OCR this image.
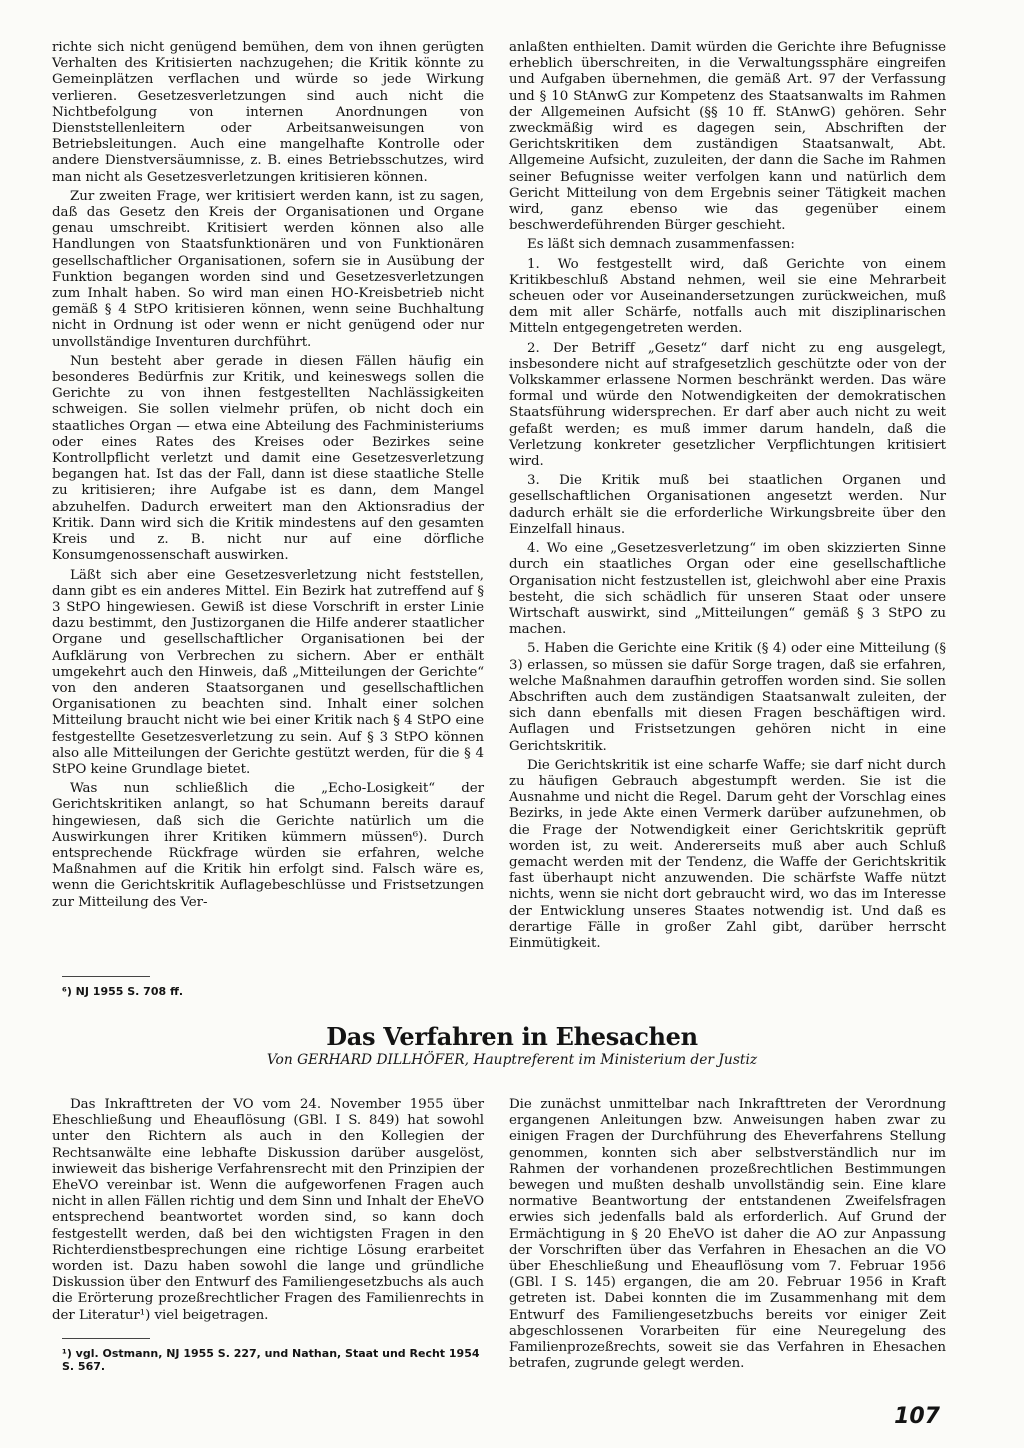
richte sich nicht genügend bemühen, dem von ihnen gerügten Verhalten des Kritisierten nachzugehen; die Kritik könnte zu Gemeinplätzen verflachen und würde so jede Wirkung verlieren. Gesetzesverletzungen sind auch nicht die Nichtbefolgung von internen Anordnungen von Dienststellenleitern oder Arbeitsanweisungen von Betriebsleitungen. Auch eine mangelhafte Kontrolle oder andere Dienstversäumnisse, z. B. eines Betriebsschutzes, wird man nicht als Gesetzesverletzungen kritisieren können.

Zur zweiten Frage, wer kritisiert werden kann, ist zu sagen, daß das Gesetz den Kreis der Organisationen und Organe genau umschreibt. Kritisiert werden können also alle Handlungen von Staatsfunktionären und von Funktionären gesellschaftlicher Organisationen, sofern sie in Ausübung der Funktion begangen worden sind und Gesetzesverletzungen zum Inhalt haben. So wird man einen HO-Kreisbetrieb nicht gemäß § 4 StPO kritisieren können, wenn seine Buchhaltung nicht in Ordnung ist oder wenn er nicht genügend oder nur unvollständige Inventuren durchführt.

Nun besteht aber gerade in diesen Fällen häufig ein besonderes Bedürfnis zur Kritik, und keineswegs sollen die Gerichte zu von ihnen festgestellten Nachlässigkeiten schweigen. Sie sollen vielmehr prüfen, ob nicht doch ein staatliches Organ — etwa eine Abteilung des Fachministeriums oder eines Rates des Kreises oder Bezirkes seine Kontrollpflicht verletzt und damit eine Gesetzesverletzung begangen hat. Ist das der Fall, dann ist diese staatliche Stelle zu kritisieren; ihre Aufgabe ist es dann, dem Mangel abzuhelfen. Dadurch erweitert man den Aktionsradius der Kritik. Dann wird sich die Kritik mindestens auf den gesamten Kreis und z. B. nicht nur auf eine dörfliche Konsumgenossenschaft auswirken.

Läßt sich aber eine Gesetzesverletzung nicht feststellen, dann gibt es ein anderes Mittel. Ein Bezirk hat zutreffend auf § 3 StPO hingewiesen. Gewiß ist diese Vorschrift in erster Linie dazu bestimmt, den Justizorganen die Hilfe anderer staatlicher Organe und gesellschaftlicher Organisationen bei der Aufklärung von Verbrechen zu sichern. Aber er enthält umgekehrt auch den Hinweis, daß „Mitteilungen der Gerichte“ von den anderen Staatsorganen und gesellschaftlichen Organisationen zu beachten sind. Inhalt einer solchen Mitteilung braucht nicht wie bei einer Kritik nach § 4 StPO eine festgestellte Gesetzesverletzung zu sein. Auf § 3 StPO können also alle Mitteilungen der Gerichte gestützt werden, für die § 4 StPO keine Grundlage bietet.

Was nun schließlich die „Echo-Losigkeit“ der Gerichtskritiken anlangt, so hat Schumann bereits darauf hingewiesen, daß sich die Gerichte natürlich um die Auswirkungen ihrer Kritiken kümmern müssen⁶). Durch entsprechende Rückfrage würden sie erfahren, welche Maßnahmen auf die Kritik hin erfolgt sind. Falsch wäre es, wenn die Gerichtskritik Auflagebeschlüsse und Fristsetzungen zur Mitteilung des Ver-

anlaßten enthielten. Damit würden die Gerichte ihre Befugnisse erheblich überschreiten, in die Verwaltungssphäre eingreifen und Aufgaben übernehmen, die gemäß Art. 97 der Verfassung und § 10 StAnwG zur Kompetenz des Staatsanwalts im Rahmen der Allgemeinen Aufsicht (§§ 10 ff. StAnwG) gehören. Sehr zweckmäßig wird es dagegen sein, Abschriften der Gerichtskritiken dem zuständigen Staatsanwalt, Abt. Allgemeine Aufsicht, zuzuleiten, der dann die Sache im Rahmen seiner Befugnisse weiter verfolgen kann und natürlich dem Gericht Mitteilung von dem Ergebnis seiner Tätigkeit machen wird, ganz ebenso wie das gegenüber einem beschwerdeführenden Bürger geschieht.

Es läßt sich demnach zusammenfassen:

1. Wo festgestellt wird, daß Gerichte von einem Kritikbeschluß Abstand nehmen, weil sie eine Mehrarbeit scheuen oder vor Auseinandersetzungen zurückweichen, muß dem mit aller Schärfe, notfalls auch mit disziplinarischen Mitteln entgegengetreten werden.

2. Der Betriff „Gesetz“ darf nicht zu eng ausgelegt, insbesondere nicht auf strafgesetzlich geschützte oder von der Volkskammer erlassene Normen beschränkt werden. Das wäre formal und würde den Notwendigkeiten der demokratischen Staatsführung widersprechen. Er darf aber auch nicht zu weit gefaßt werden; es muß immer darum handeln, daß die Verletzung konkreter gesetzlicher Verpflichtungen kritisiert wird.

3. Die Kritik muß bei staatlichen Organen und gesellschaftlichen Organisationen angesetzt werden. Nur dadurch erhält sie die erforderliche Wirkungsbreite über den Einzelfall hinaus.

4. Wo eine „Gesetzesverletzung“ im oben skizzierten Sinne durch ein staatliches Organ oder eine gesellschaftliche Organisation nicht festzustellen ist, gleichwohl aber eine Praxis besteht, die sich schädlich für unseren Staat oder unsere Wirtschaft auswirkt, sind „Mitteilungen“ gemäß § 3 StPO zu machen.

5. Haben die Gerichte eine Kritik (§ 4) oder eine Mitteilung (§ 3) erlassen, so müssen sie dafür Sorge tragen, daß sie erfahren, welche Maßnahmen daraufhin getroffen worden sind. Sie sollen Abschriften auch dem zuständigen Staatsanwalt zuleiten, der sich dann ebenfalls mit diesen Fragen beschäftigen wird. Auflagen und Fristsetzungen gehören nicht in eine Gerichtskritik.

Die Gerichtskritik ist eine scharfe Waffe; sie darf nicht durch zu häufigen Gebrauch abgestumpft werden. Sie ist die Ausnahme und nicht die Regel. Darum geht der Vorschlag eines Bezirks, in jede Akte einen Vermerk darüber aufzunehmen, ob die Frage der Notwendigkeit einer Gerichtskritik geprüft worden ist, zu weit. Andererseits muß aber auch Schluß gemacht werden mit der Tendenz, die Waffe der Gerichtskritik fast überhaupt nicht anzuwenden. Die schärfste Waffe nützt nichts, wenn sie nicht dort gebraucht wird, wo das im Interesse der Entwicklung unseres Staates notwendig ist. Und daß es derartige Fälle in großer Zahl gibt, darüber herrscht Einmütigkeit.

⁶) NJ 1955 S. 708 ff.
Das Verfahren in Ehesachen
Von GERHARD DILLHÖFER, Hauptreferent im Ministerium der Justiz

Das Inkrafttreten der VO vom 24. November 1955 über Eheschließung und Eheauflösung (GBl. I S. 849) hat sowohl unter den Richtern als auch in den Kollegien der Rechtsanwälte eine lebhafte Diskussion darüber ausgelöst, inwieweit das bisherige Verfahrensrecht mit den Prinzipien der EheVO vereinbar ist. Wenn die aufgeworfenen Fragen auch nicht in allen Fällen richtig und dem Sinn und Inhalt der EheVO entsprechend beantwortet worden sind, so kann doch festgestellt werden, daß bei den wichtigsten Fragen in den Richterdienstbesprechungen eine richtige Lösung erarbeitet worden ist. Dazu haben sowohl die lange und gründliche Diskussion über den Entwurf des Familiengesetzbuchs als auch die Erörterung prozeßrechtlicher Fragen des Familienrechts in der Literatur¹) viel beigetragen.

Die zunächst unmittelbar nach Inkrafttreten der Verordnung ergangenen Anleitungen bzw. Anweisungen haben zwar zu einigen Fragen der Durchführung des Eheverfahrens Stellung genommen, konnten sich aber selbstverständlich nur im Rahmen der vorhandenen prozeßrechtlichen Bestimmungen bewegen und mußten deshalb unvollständig sein. Eine klare normative Beantwortung der entstandenen Zweifelsfragen erwies sich jedenfalls bald als erforderlich. Auf Grund der Ermächtigung in § 20 EheVO ist daher die AO zur Anpassung der Vorschriften über das Verfahren in Ehesachen an die VO über Eheschließung und Eheauflösung vom 7. Februar 1956 (GBl. I S. 145) ergangen, die am 20. Februar 1956 in Kraft getreten ist. Dabei konnten die im Zusammenhang mit dem Entwurf des Familiengesetzbuchs bereits vor einiger Zeit abgeschlossenen Vorarbeiten für eine Neuregelung des Familienprozeßrechts, soweit sie das Verfahren in Ehesachen betrafen, zugrunde gelegt werden.

¹) vgl. Ostmann, NJ 1955 S. 227, und Nathan, Staat und Recht 1954 S. 567.
107
